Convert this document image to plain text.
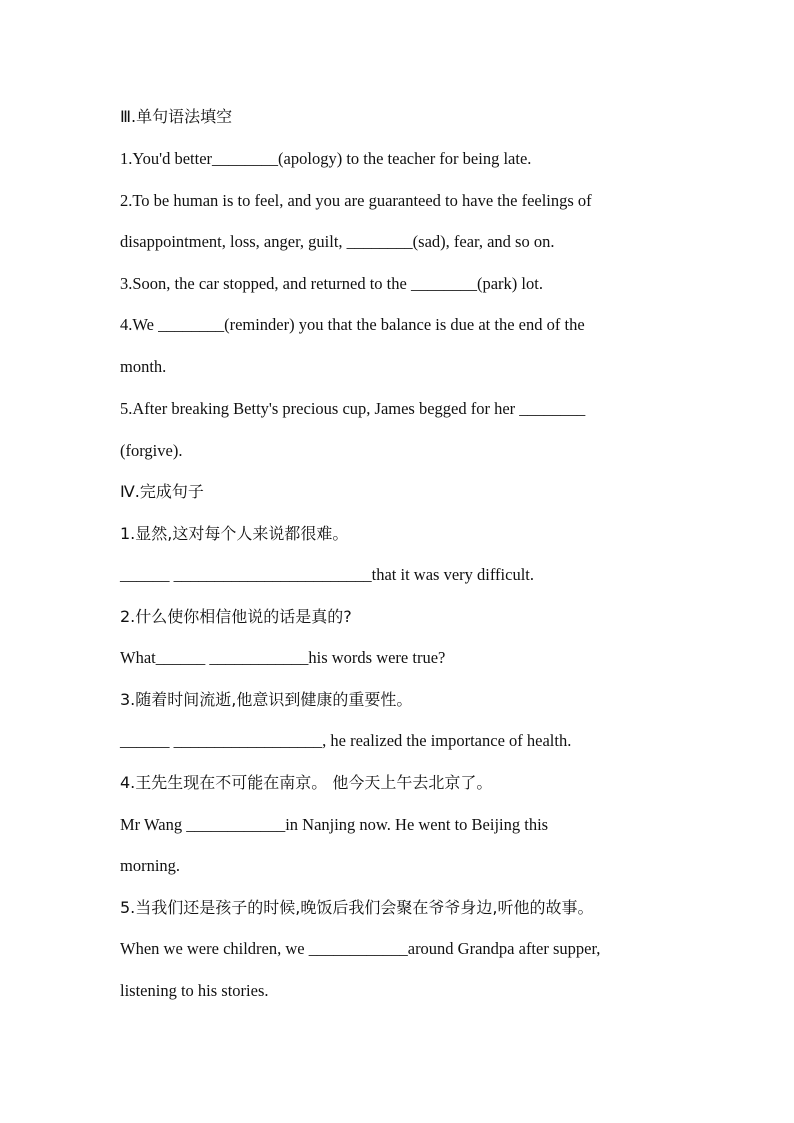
Ⅲ.单句语法填空
1.You'd better________(apology) to the teacher for being late.
2.To be human is to feel, and you are guaranteed to have the feelings of
disappointment, loss, anger, guilt, ________(sad), fear, and so on.
3.Soon, the car stopped, and returned to the ________(park) lot.
4.We ________(reminder) you that the balance is due at the end of the
month.
5.After breaking Betty's precious cup, James begged for her ________
(forgive).
Ⅳ.完成句子
1.显然,这对每个人来说都很难。
______ ________________________that it was very difficult.
2.什么使你相信他说的话是真的?
What______ ____________his words were true?
3.随着时间流逝,他意识到健康的重要性。
______ __________________, he realized the importance of health.
4.王先生现在不可能在南京。 他今天上午去北京了。
Mr Wang ____________in Nanjing now. He went to Beijing this
morning.
5.当我们还是孩子的时候,晚饭后我们会聚在爷爷身边,听他的故事。
When we were children, we ____________around Grandpa after supper,
listening to his stories.
